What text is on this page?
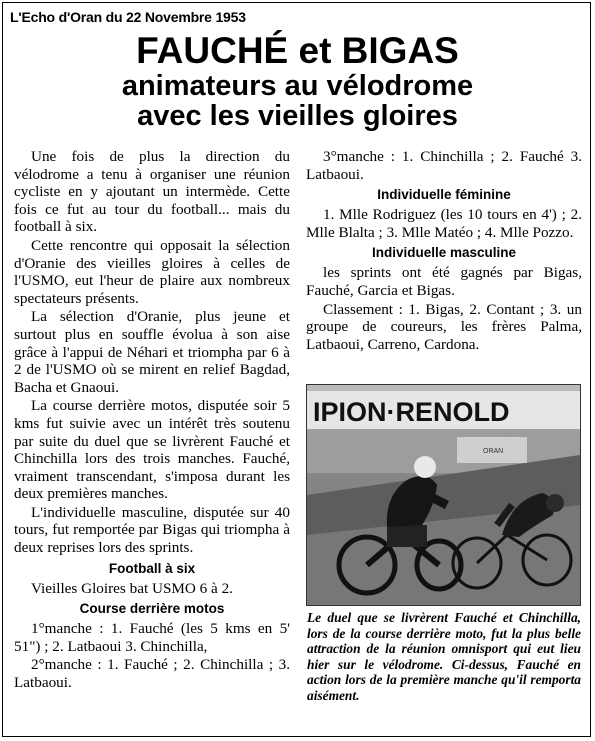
L'Echo d'Oran du 22 Novembre 1953
FAUCHÉ et BIGAS
animateurs au vélodrome
avec les vieilles gloires

Une fois de plus la direction du vélodrome a tenu à organiser une réunion cycliste en y ajoutant un intermède. Cette fois ce fut au tour du football... mais du football à six.

Cette rencontre qui opposait la sélection d'Oranie des vieilles gloires à celles de l'USMO, eut l'heur de plaire aux nombreux spectateurs présents.

La sélection d'Oranie, plus jeune et surtout plus en souffle évolua à son aise grâce à l'appui de Néhari et triompha par 6 à 2 de l'USMO où se mirent en relief Bagdad, Bacha et Gnaoui.

La course derrière motos, disputée soir 5 kms fut suivie avec un intérêt très soutenu par suite du duel que se livrèrent Fauché et Chinchilla lors des trois manches. Fauché, vraiment transcendant, s'imposa durant les deux premières manches.

L'individuelle masculine, disputée sur 40 tours, fut remportée par Bigas qui triompha à deux reprises lors des sprints.

Football à six

Vieilles Gloires bat USMO 6 à 2.

Course derrière motos

1°manche : 1. Fauché (les 5 kms en 5' 51") ; 2. Latbaoui 3. Chinchilla,

2°manche : 1. Fauché ; 2. Chinchilla ; 3. Latbaoui.

3°manche : 1. Chinchilla ; 2. Fauché 3. Latbaoui.

Individuelle féminine

1. Mlle Rodriguez (les 10 tours en 4') ; 2. Mlle Blalta ; 3. Mlle Matéo ; 4. Mlle Pozzo.

Individuelle masculine

les sprints ont été gagnés par Bigas, Fauché, Garcia et Bigas.

Classement : 1. Bigas, 2. Contant ; 3. un groupe de coureurs, les frères Palma, Latbaoui, Carreno, Cardona.

IPION·RENOLD
ORAN

Le duel que se livrèrent Fauché et Chinchilla, lors de la course derrière moto, fut la plus belle attraction de la réunion omnisport qui eut lieu hier sur le vélodrome. Ci-dessus, Fauché en action lors de la première manche qu'il remporta aisément.
